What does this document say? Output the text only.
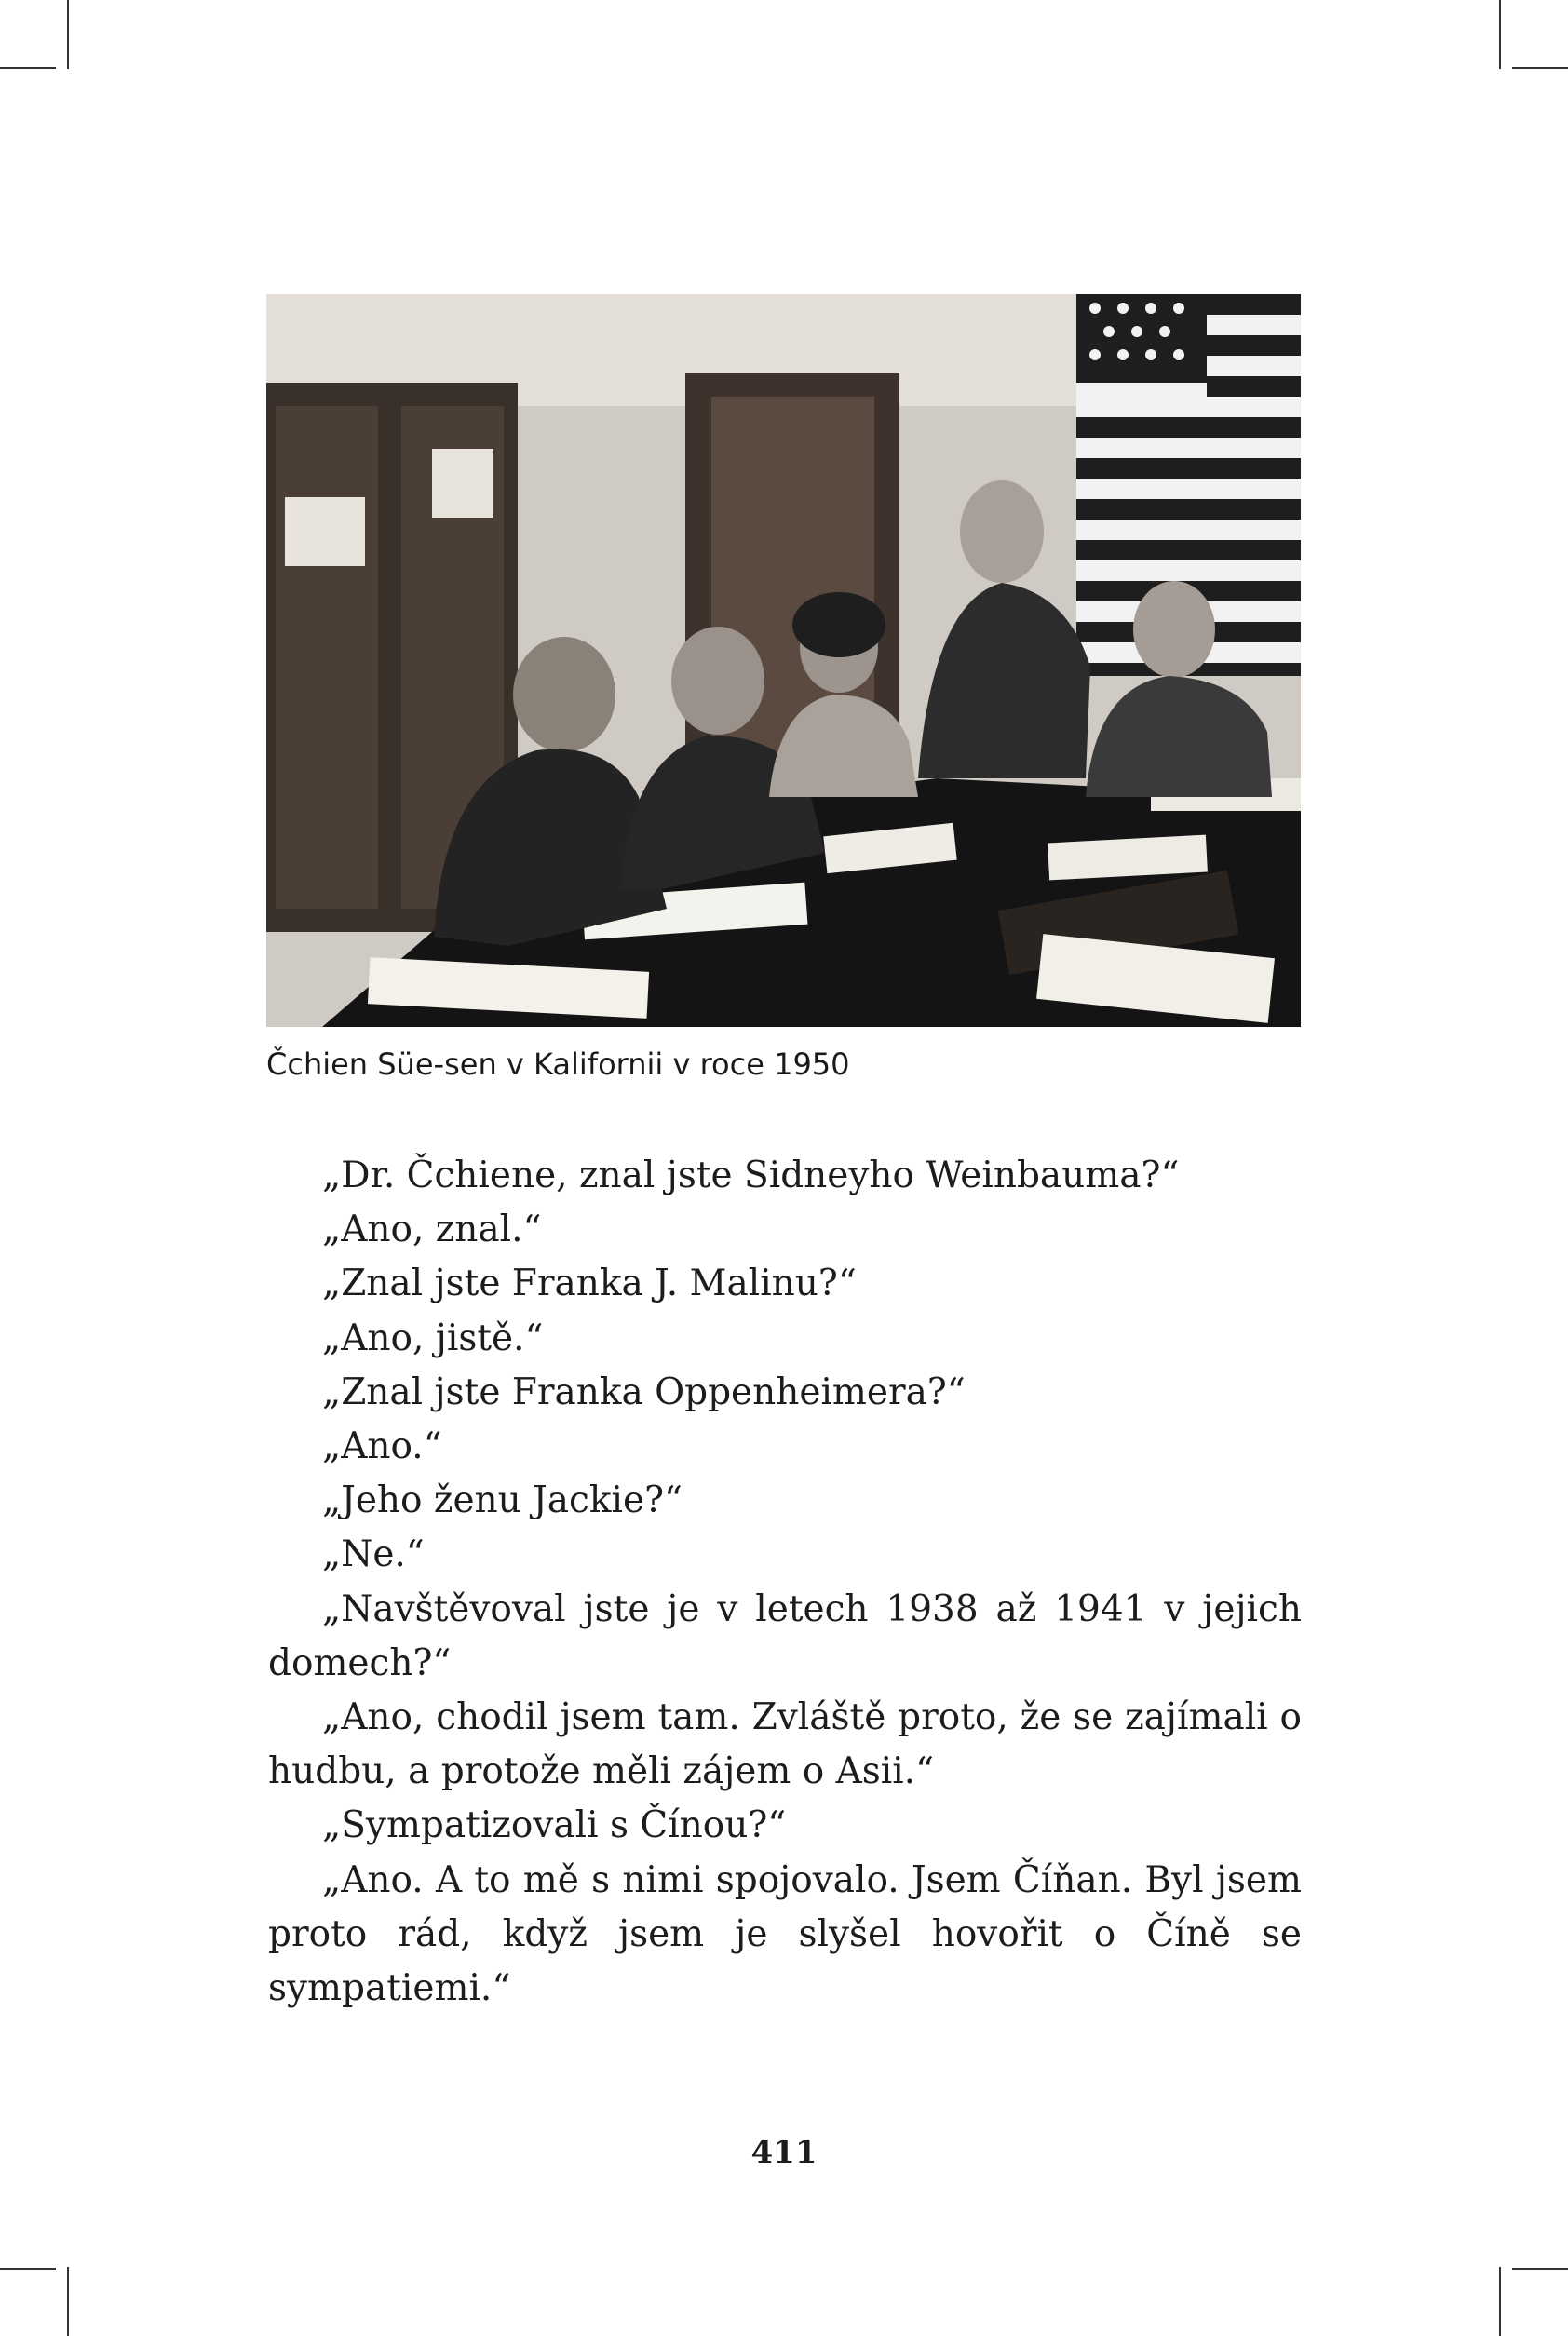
Čchien Süe-sen v Kalifornii v roce 1950

„Dr. Čchiene, znal jste Sidneyho Weinbauma?“

„Ano, znal.“

„Znal jste Franka J. Malinu?“

„Ano, jistě.“

„Znal jste Franka Oppenheimera?“

„Ano.“

„Jeho ženu Jackie?“

„Ne.“

„Navštěvoval jste je v letech 1938 až 1941 v jejich domech?“

„Ano, chodil jsem tam. Zvláště proto, že se zajímali o hudbu, a protože měli zájem o Asii.“

„Sympatizovali s Čínou?“

„Ano. A to mě s nimi spojovalo. Jsem Číňan. Byl jsem proto rád, když jsem je slyšel hovořit o Číně se sympatiemi.“

411
